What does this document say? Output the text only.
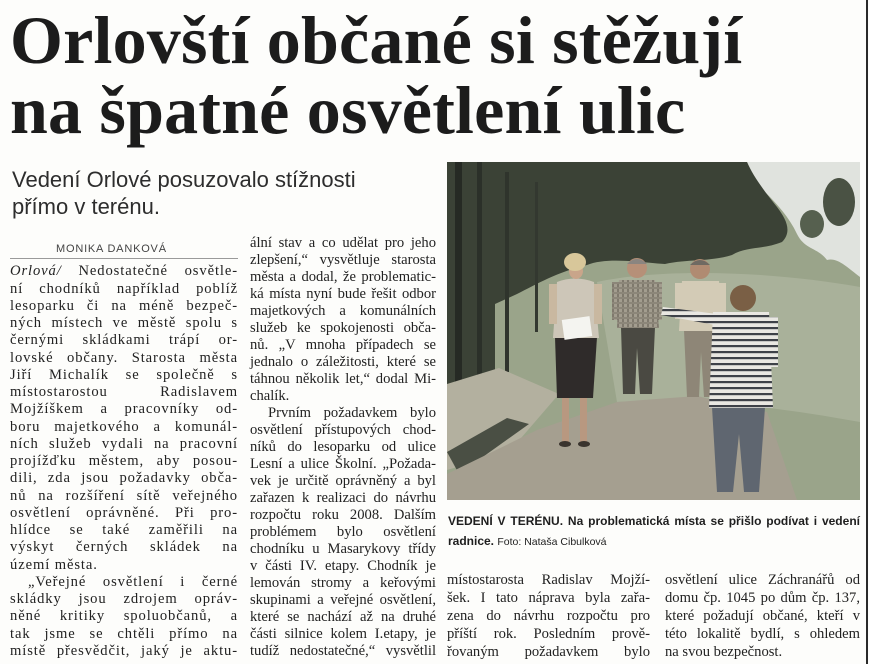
Orlovští občané si stěžují
na špatné osvětlení ulic
Vedení Orlové posuzovalo stížnosti
přímo v terénu.
MONIKA DANKOVÁ
Orlová/ Nedostatečné osvětle-
ní chodníků například poblíž
lesoparku či na méně bezpeč-
ných místech ve městě spolu s
černými skládkami trápí or-
lovské občany. Starosta města
Jiří Michalík se společně s
místostarostou Radislavem
Mojžíškem a pracovníky od-
boru majetkového a komunál-
ních služeb vydali na pracovní
projížďku městem, aby posou-
dili, zda jsou požadavky obča-
nů na rozšíření sítě veřejného
osvětlení oprávněné. Při pro-
hlídce se také zaměřili na
výskyt černých skládek na
území města.
„Veřejné osvětlení i černé
skládky jsou zdrojem opráv-
něné kritiky spoluobčanů, a
tak jsme se chtěli přímo na
místě přesvědčit, jaký je aktu-
ální stav a co udělat pro jeho
zlepšení,“ vysvětluje starosta
města a dodal, že problematic-
ká místa nyní bude řešit odbor
majetkových a komunálních
služeb ke spokojenosti obča-
nů. „V mnoha případech se
jednalo o záležitosti, které se
táhnou několik let,“ dodal Mi-
chalík.
Prvním požadavkem bylo
osvětlení přístupových chod-
níků do lesoparku od ulice
Lesní a ulice Školní. „Požada-
vek je určitě oprávněný a byl
zařazen k realizaci do návrhu
rozpočtu roku 2008. Dalším
problémem bylo osvětlení
chodníku u Masarykovy třídy
v části IV. etapy. Chodník je
lemován stromy a keřovými
skupinami a veřejné osvětlení,
které se nachází až na druhé
části silnice kolem I.etapy, je
tudíž nedostatečné,“ vysvětlil
VEDENÍ V TERÉNU. Na problematická místa se přišlo podívat i vedení radnice. Foto: Nataša Cibulková
místostarosta Radislav Mojží-
šek. I tato náprava byla zařa-
zena do návrhu rozpočtu pro
příští rok. Posledním prově-
řovaným požadavkem bylo
osvětlení ulice Záchranářů od
domu čp. 1045 po dům čp. 137,
které požadují občané, kteří v
této lokalitě bydlí, s ohledem
na svou bezpečnost.
